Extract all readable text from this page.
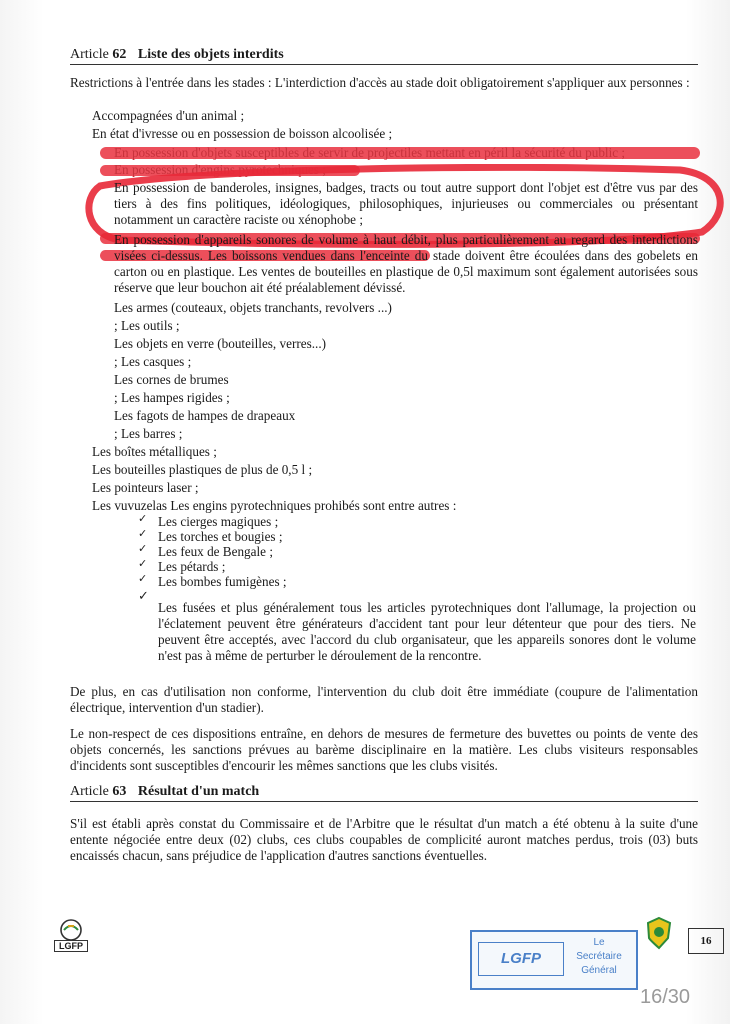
Article 62 Liste des objets interdits
Restrictions à l'entrée dans les stades : L'interdiction d'accès au stade doit obligatoirement s'appliquer aux personnes :
Accompagnées d'un animal ;
En état d'ivresse ou en possession de boisson alcoolisée ;
En possession d'objets susceptibles de servir de projectiles mettant en péril la sécurité du public ;
En possession d'engins pyrotechniques ;
En possession de banderoles, insignes, badges, tracts ou tout autre support dont l'objet est d'être vus par des tiers à des fins politiques, idéologiques, philosophiques, injurieuses ou commerciales ou présentant notamment un caractère raciste ou xénophobe ;
En possession d'appareils sonores de volume à haut débit, plus particulièrement au regard des interdictions visées ci-dessus. Les boissons vendues dans l'enceinte du stade doivent être écoulées dans des gobelets en carton ou en plastique. Les ventes de bouteilles en plastique de 0,5l maximum sont également autorisées sous réserve que leur bouchon ait été préalablement dévissé.
Les armes (couteaux, objets tranchants, revolvers ...)
; Les outils ;
Les objets en verre (bouteilles, verres...)
; Les casques ;
Les cornes de brumes
; Les hampes rigides ;
Les fagots de hampes de drapeaux
; Les barres ;
Les boîtes métalliques ;
Les bouteilles plastiques de plus de 0,5 l ;
Les pointeurs laser ;
Les vuvuzelas Les engins pyrotechniques prohibés sont entre autres :
✓ Les cierges magiques ;
✓ Les torches et bougies ;
✓ Les feux de Bengale ;
✓ Les pétards ;
✓ Les bombes fumigènes ;
✓
Les fusées et plus généralement tous les articles pyrotechniques dont l'allumage, la projection ou l'éclatement peuvent être générateurs d'accident tant pour leur détenteur que pour des tiers. Ne peuvent être acceptés, avec l'accord du club organisateur, que les appareils sonores dont le volume n'est pas à même de perturber le déroulement de la rencontre.
De plus, en cas d'utilisation non conforme, l'intervention du club doit être immédiate (coupure de l'alimentation électrique, intervention d'un stadier).
Le non-respect de ces dispositions entraîne, en dehors de mesures de fermeture des buvettes ou points de vente des objets concernés, les sanctions prévues au barème disciplinaire en la matière. Les clubs visiteurs responsables d'incidents sont susceptibles d'encourir les mêmes sanctions que les clubs visités.
Article 63 Résultat d'un match
S'il est établi après constat du Commissaire et de l'Arbitre que le résultat d'un match a été obtenu à la suite d'une entente négociée entre deux (02) clubs, ces clubs coupables de complicité auront matches perdus, trois (03) buts encaissés chacun, sans préjudice de l'application d'autres sanctions éventuelles.
LGFP
LGFP
Le
Secrétaire
Général
16
16/30
